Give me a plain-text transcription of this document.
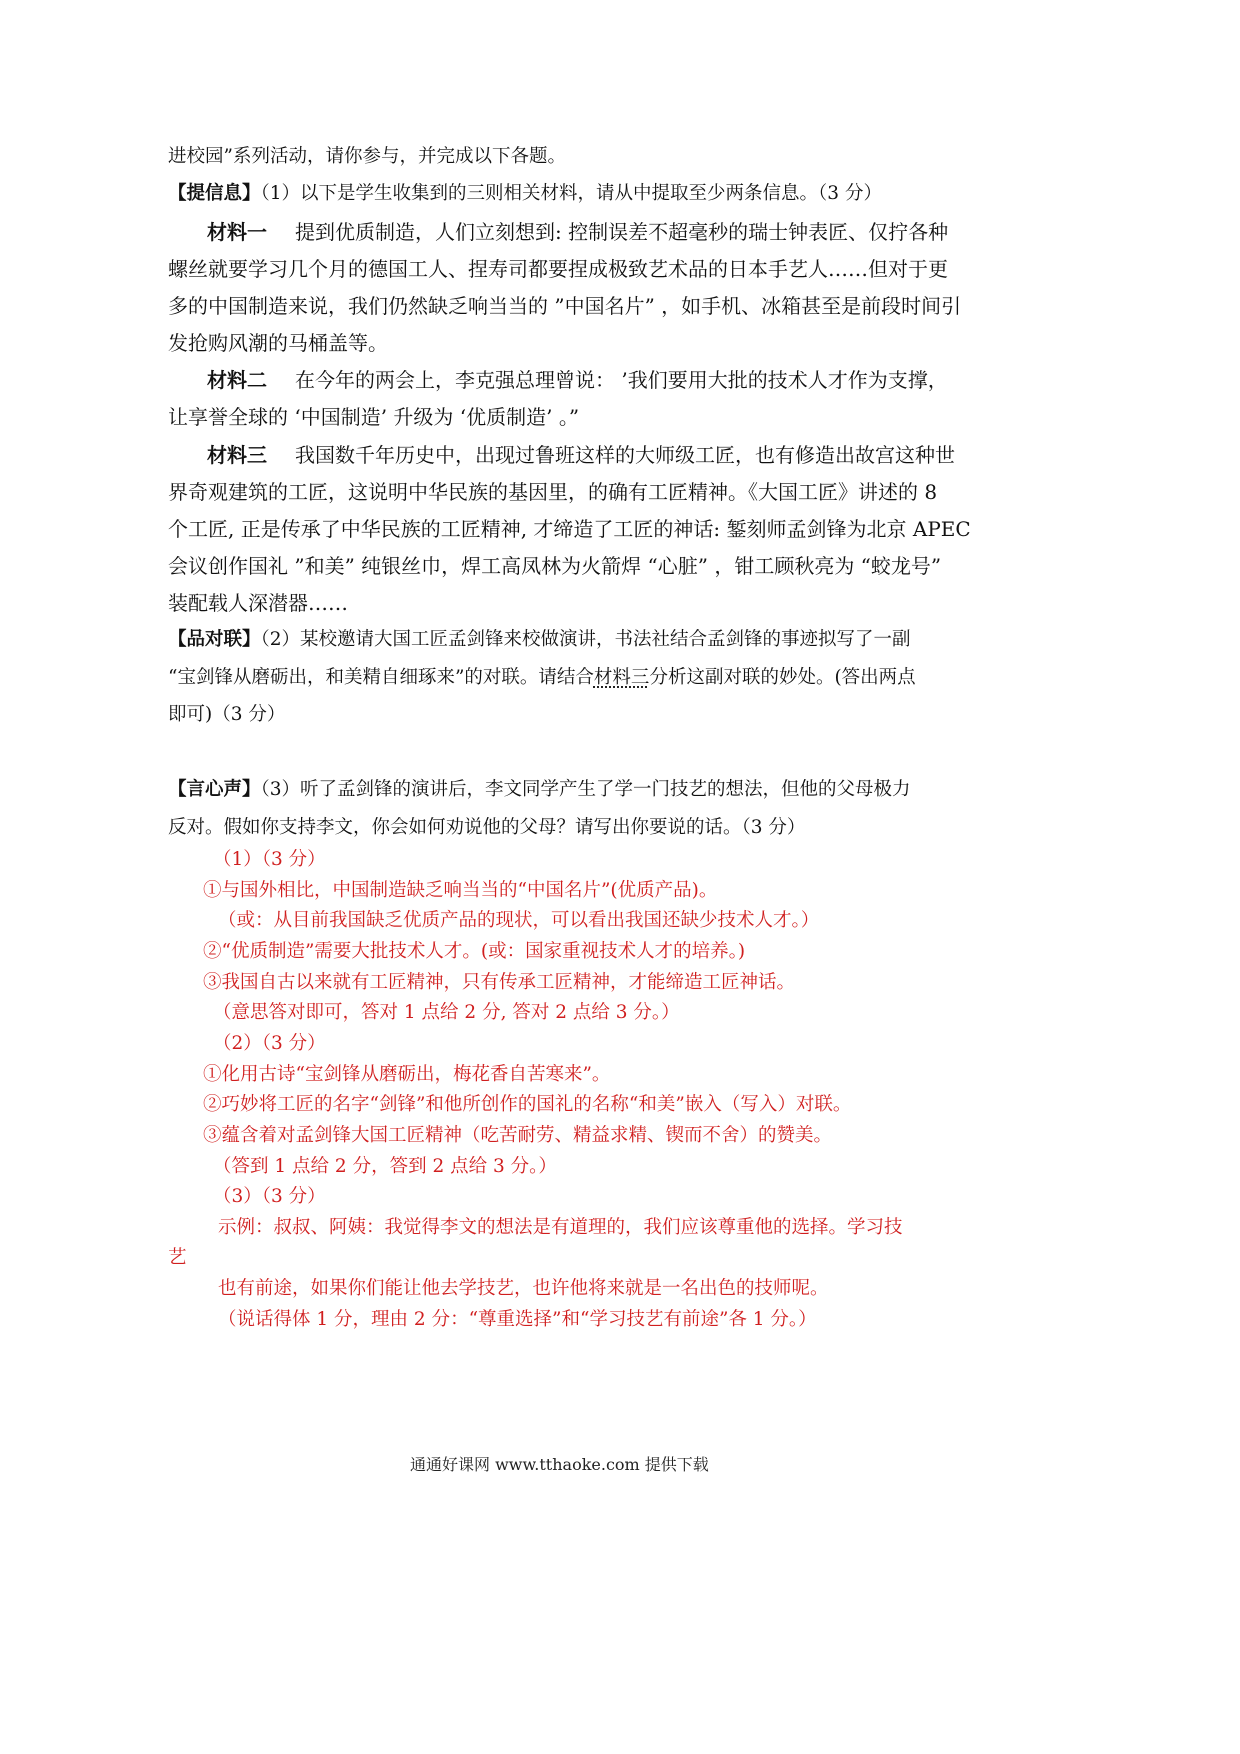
进校园”系列活动，请你参与，并完成以下各题。
【提信息】（1）以下是学生收集到的三则相关材料，请从中提取至少两条信息。（3 分）
材料一 提到优质制造，人们立刻想到: 控制误差不超毫秒的瑞士钟表匠、仅拧各种
螺丝就要学习几个月的德国工人、捏寿司都要捏成极致艺术品的日本手艺人……但对于更
多的中国制造来说，我们仍然缺乏响当当的 ”中国名片” ，如手机、冰箱甚至是前段时间引
发抢购风潮的马桶盖等。
材料二 在今年的两会上，李克强总理曾说： ’我们要用大批的技术人才作为支撑，
让享誉全球的 ‘中国制造’ 升级为 ‘优质制造’ 。”
材料三 我国数千年历史中，出现过鲁班这样的大师级工匠，也有修造出故宫这种世
界奇观建筑的工匠，这说明中华民族的基因里，的确有工匠精神。《大国工匠》讲述的 8
个工匠, 正是传承了中华民族的工匠精神, 才缔造了工匠的神话: 錾刻师孟剑锋为北京 APEC
会议创作国礼 ”和美” 纯银丝巾，焊工高凤林为火箭焊 “心脏” ，钳工顾秋亮为 “蛟龙号”
装配载人深潜器……
【品对联】（2）某校邀请大国工匠孟剑锋来校做演讲，书法社结合孟剑锋的事迹拟写了一副
“宝剑锋从磨砺出，和美精自细琢来”的对联。请结合材料三分析这副对联的妙处。(答出两点
即可)（3 分）
【言心声】（3）听了孟剑锋的演讲后，李文同学产生了学一门技艺的想法，但他的父母极力
反对。假如你支持李文，你会如何劝说他的父母？请写出你要说的话。（3 分）
（1）（3 分）
①与国外相比，中国制造缺乏响当当的“中国名片”(优质产品)。
（或：从目前我国缺乏优质产品的现状，可以看出我国还缺少技术人才。）
②“优质制造”需要大批技术人才。(或：国家重视技术人才的培养。)
③我国自古以来就有工匠精神，只有传承工匠精神，才能缔造工匠神话。
（意思答对即可，答对 1 点给 2 分, 答对 2 点给 3 分。）
（2）（3 分）
①化用古诗“宝剑锋从磨砺出，梅花香自苦寒来”。
②巧妙将工匠的名字“剑锋”和他所创作的国礼的名称“和美”嵌入（写入）对联。
③蕴含着对孟剑锋大国工匠精神（吃苦耐劳、精益求精、锲而不舍）的赞美。
（答到 1 点给 2 分，答到 2 点给 3 分。）
（3）（3 分）
示例：叔叔、阿姨：我觉得李文的想法是有道理的，我们应该尊重他的选择。学习技
艺
也有前途，如果你们能让他去学技艺，也许他将来就是一名出色的技师呢。
（说话得体 1 分，理由 2 分：“尊重选择”和“学习技艺有前途”各 1 分。）
通通好课网 www.tthaoke.com 提供下载
